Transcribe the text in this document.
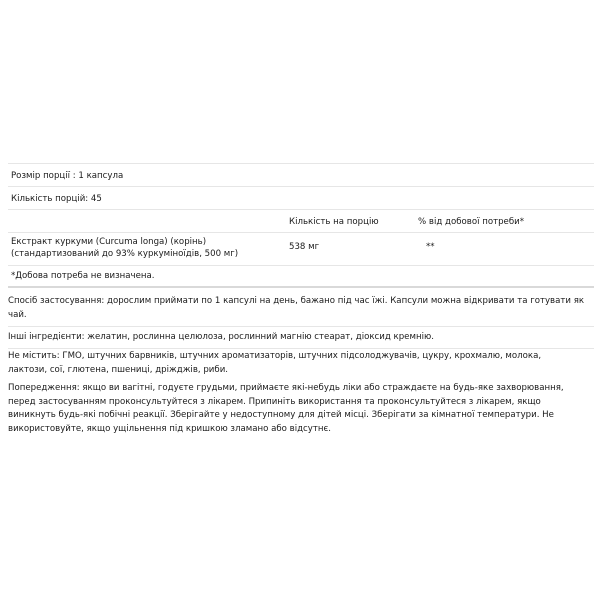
Розмір порції : 1 капсула
Кількість порцій: 45
Кількість на порцію	% від добової потреби*
Екстракт куркуми (Curcuma longa) (корінь)
(стандартизований до 93% куркуміноїдів, 500 мг)
538 мг	**
*Добова потреба не визначена.
Спосіб застосування: дорослим приймати по 1 капсулі на день, бажано під час їжі. Капсули можна відкривати та готувати як
чай.
Інші інгредієнти: желатин, рослинна целюлоза, рослинний магнію стеарат, діоксид кремнію.
Не містить: ГМО, штучних барвників, штучних ароматизаторів, штучних підсолоджувачів, цукру, крохмалю, молока,
лактози, сої, глютена, пшениці, дріжджів, риби.
Попередження: якщо ви вагітні, годуєте грудьми, приймаєте які-небудь ліки або страждаєте на будь-яке захворювання,
перед застосуванням проконсультуйтеся з лікарем. Припиніть використання та проконсультуйтеся з лікарем, якщо
виникнуть будь-які побічні реакції. Зберігайте у недоступному для дітей місці. Зберігати за кімнатної температури. Не
використовуйте, якщо ущільнення під кришкою зламано або відсутнє.
